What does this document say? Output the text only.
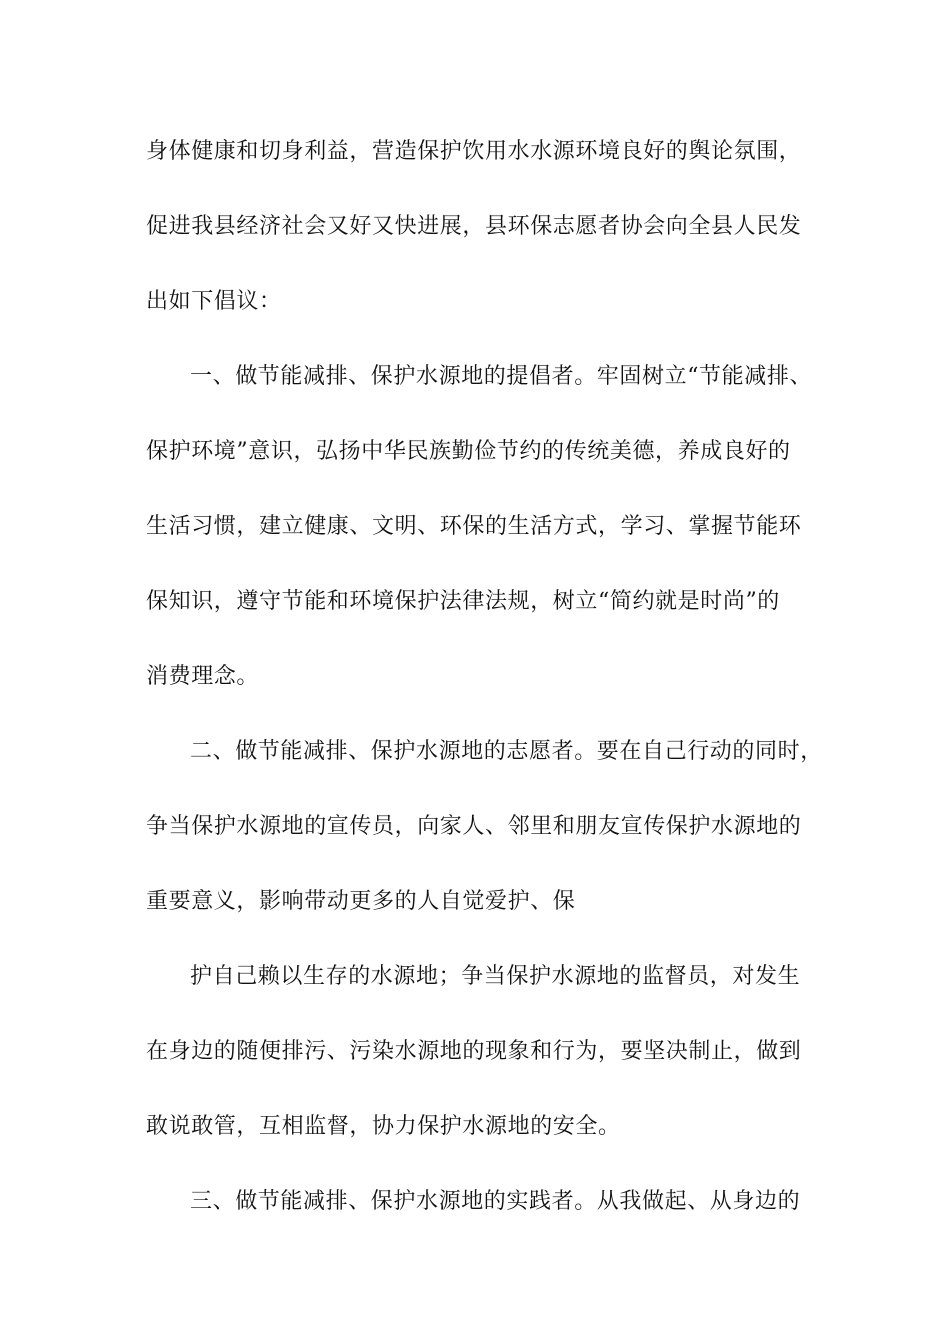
身体健康和切身利益，营造保护饮用水水源环境良好的舆论氛围，
促进我县经济社会又好又快进展，县环保志愿者协会向全县人民发
出如下倡议：
一、做节能减排、保护水源地的提倡者。牢固树立“节能减排、
保护环境”意识，弘扬中华民族勤俭节约的传统美德，养成良好的
生活习惯，建立健康、文明、环保的生活方式，学习、掌握节能环
保知识，遵守节能和环境保护法律法规，树立“简约就是时尚”的
消费理念。
二、做节能减排、保护水源地的志愿者。要在自己行动的同时，
争当保护水源地的宣传员，向家人、邻里和朋友宣传保护水源地的
重要意义，影响带动更多的人自觉爱护、保
护自己赖以生存的水源地；争当保护水源地的监督员，对发生
在身边的随便排污、污染水源地的现象和行为，要坚决制止，做到
敢说敢管，互相监督，协力保护水源地的安全。
三、做节能减排、保护水源地的实践者。从我做起、从身边的
